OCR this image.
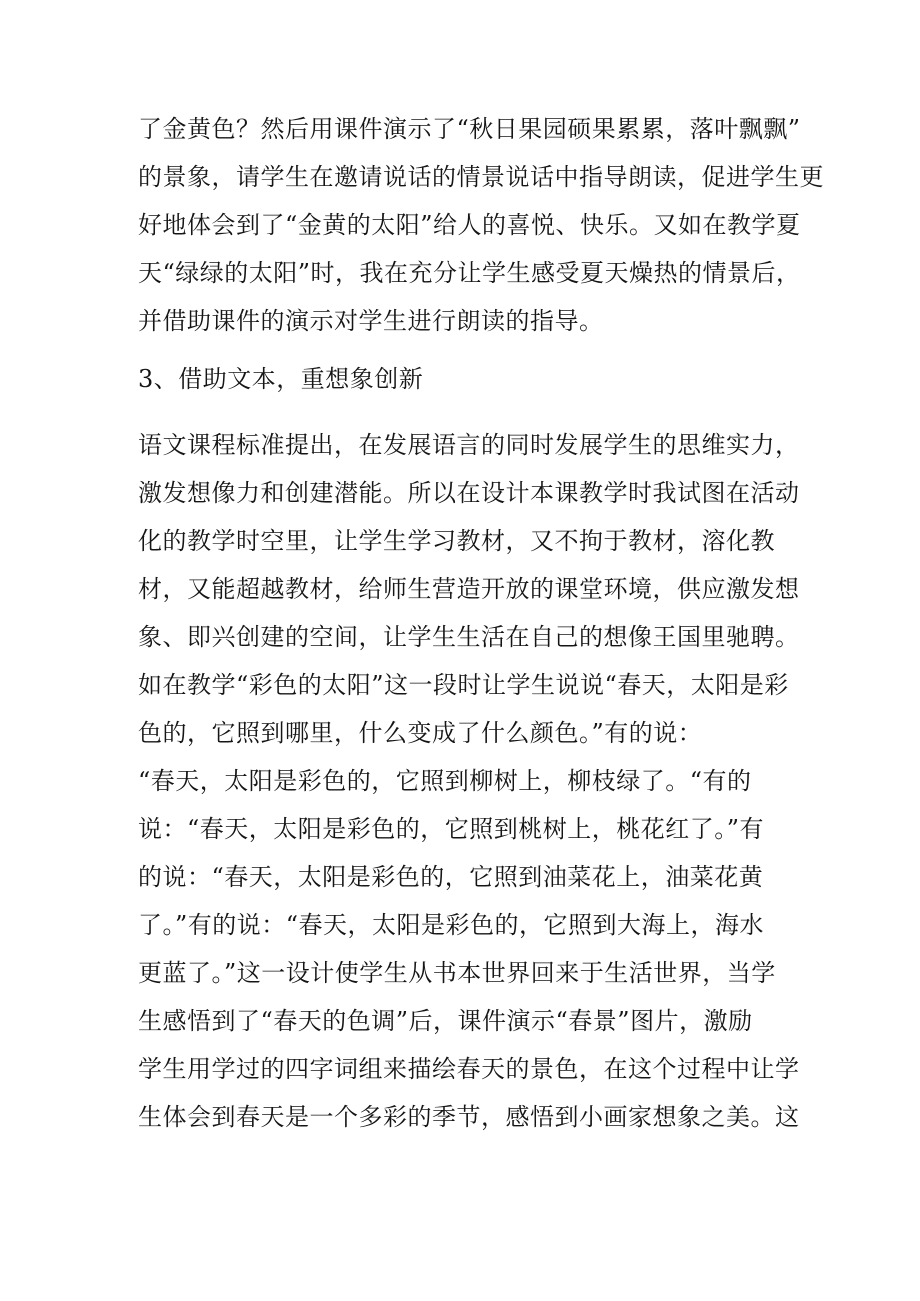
了金黄色？然后用课件演示了“秋日果园硕果累累，落叶飘飘”
的景象，请学生在邀请说话的情景说话中指导朗读，促进学生更
好地体会到了“金黄的太阳”给人的喜悦、快乐。又如在教学夏
天“绿绿的太阳”时，我在充分让学生感受夏天燥热的情景后，
并借助课件的演示对学生进行朗读的指导。
3、借助文本，重想象创新
语文课程标准提出，在发展语言的同时发展学生的思维实力，
激发想像力和创建潜能。所以在设计本课教学时我试图在活动
化的教学时空里，让学生学习教材，又不拘于教材，溶化教
材，又能超越教材，给师生营造开放的课堂环境，供应激发想
象、即兴创建的空间，让学生生活在自己的想像王国里驰聘。
如在教学“彩色的太阳”这一段时让学生说说“春天，太阳是彩
色的，它照到哪里，什么变成了什么颜色。”有的说：
“春天，太阳是彩色的，它照到柳树上，柳枝绿了。“有的
说：“春天，太阳是彩色的，它照到桃树上，桃花红了。”有
的说：“春天，太阳是彩色的，它照到油菜花上，油菜花黄
了。”有的说：“春天，太阳是彩色的，它照到大海上，海水
更蓝了。”这一设计使学生从书本世界回来于生活世界，当学
生感悟到了“春天的色调”后，课件演示“春景”图片，激励
学生用学过的四字词组来描绘春天的景色，在这个过程中让学
生体会到春天是一个多彩的季节，感悟到小画家想象之美。这
